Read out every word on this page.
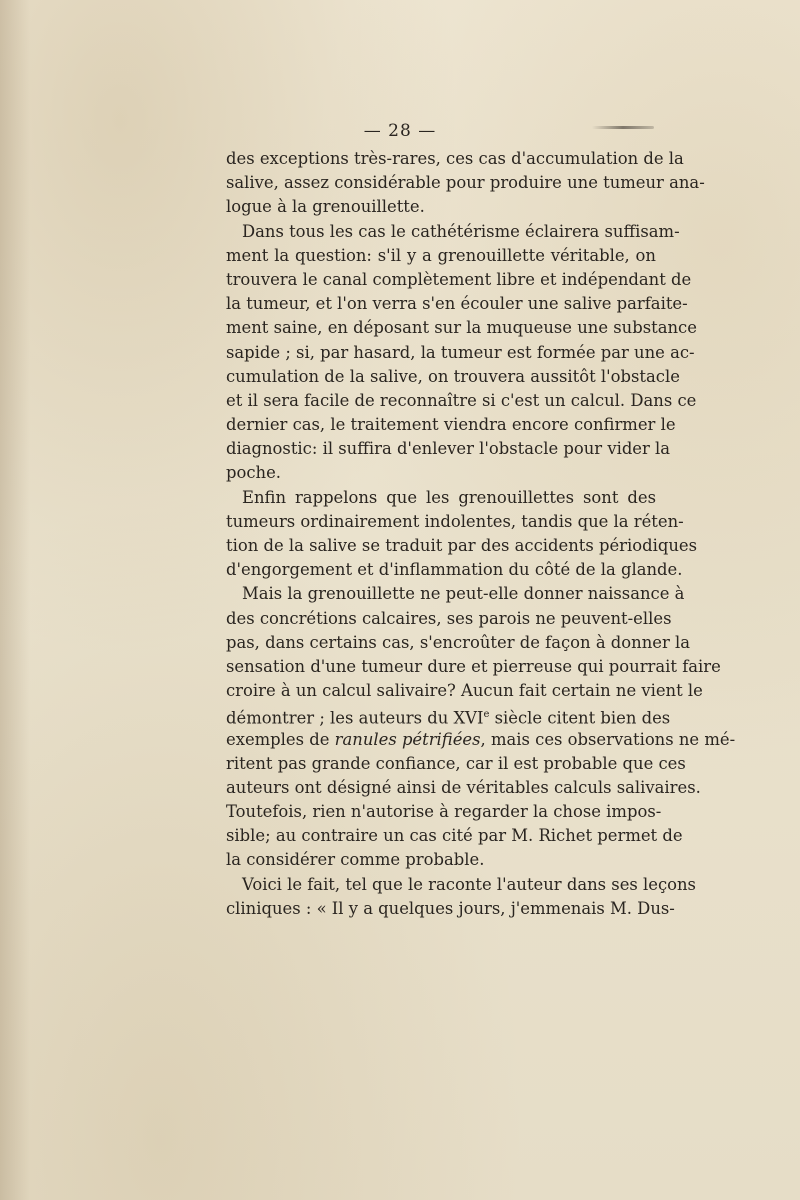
— 28 —
des exceptions très-rares, ces cas d'accumulation de la
salive, assez considérable pour produire une tumeur ana-
logue à la grenouillette.
Dans tous les cas le cathétérisme éclairera suffisam-
ment la question: s'il y a grenouillette véritable, on
trouvera le canal complètement libre et indépendant de
la tumeur, et l'on verra s'en écouler une salive parfaite-
ment saine, en déposant sur la muqueuse une substance
sapide ; si, par hasard, la tumeur est formée par une ac-
cumulation de la salive, on trouvera aussitôt l'obstacle
et il sera facile de reconnaître si c'est un calcul. Dans ce
dernier cas, le traitement viendra encore confirmer le
diagnostic: il suffira d'enlever l'obstacle pour vider la
poche.
Enfin rappelons que les grenouillettes sont des
tumeurs ordinairement indolentes, tandis que la réten-
tion de la salive se traduit par des accidents périodiques
d'engorgement et d'inflammation du côté de la glande.
Mais la grenouillette ne peut-elle donner naissance à
des concrétions calcaires, ses parois ne peuvent-elles
pas, dans certains cas, s'encroûter de façon à donner la
sensation d'une tumeur dure et pierreuse qui pourrait faire
croire à un calcul salivaire? Aucun fait certain ne vient le
démontrer ; les auteurs du XVIe siècle citent bien des
exemples de ranules pétrifiées, mais ces observations ne mé-
ritent pas grande confiance, car il est probable que ces
auteurs ont désigné ainsi de véritables calculs salivaires.
Toutefois, rien n'autorise à regarder la chose impos-
sible; au contraire un cas cité par M. Richet permet de
la considérer comme probable.
Voici le fait, tel que le raconte l'auteur dans ses leçons
cliniques : « Il y a quelques jours, j'emmenais M. Dus-
